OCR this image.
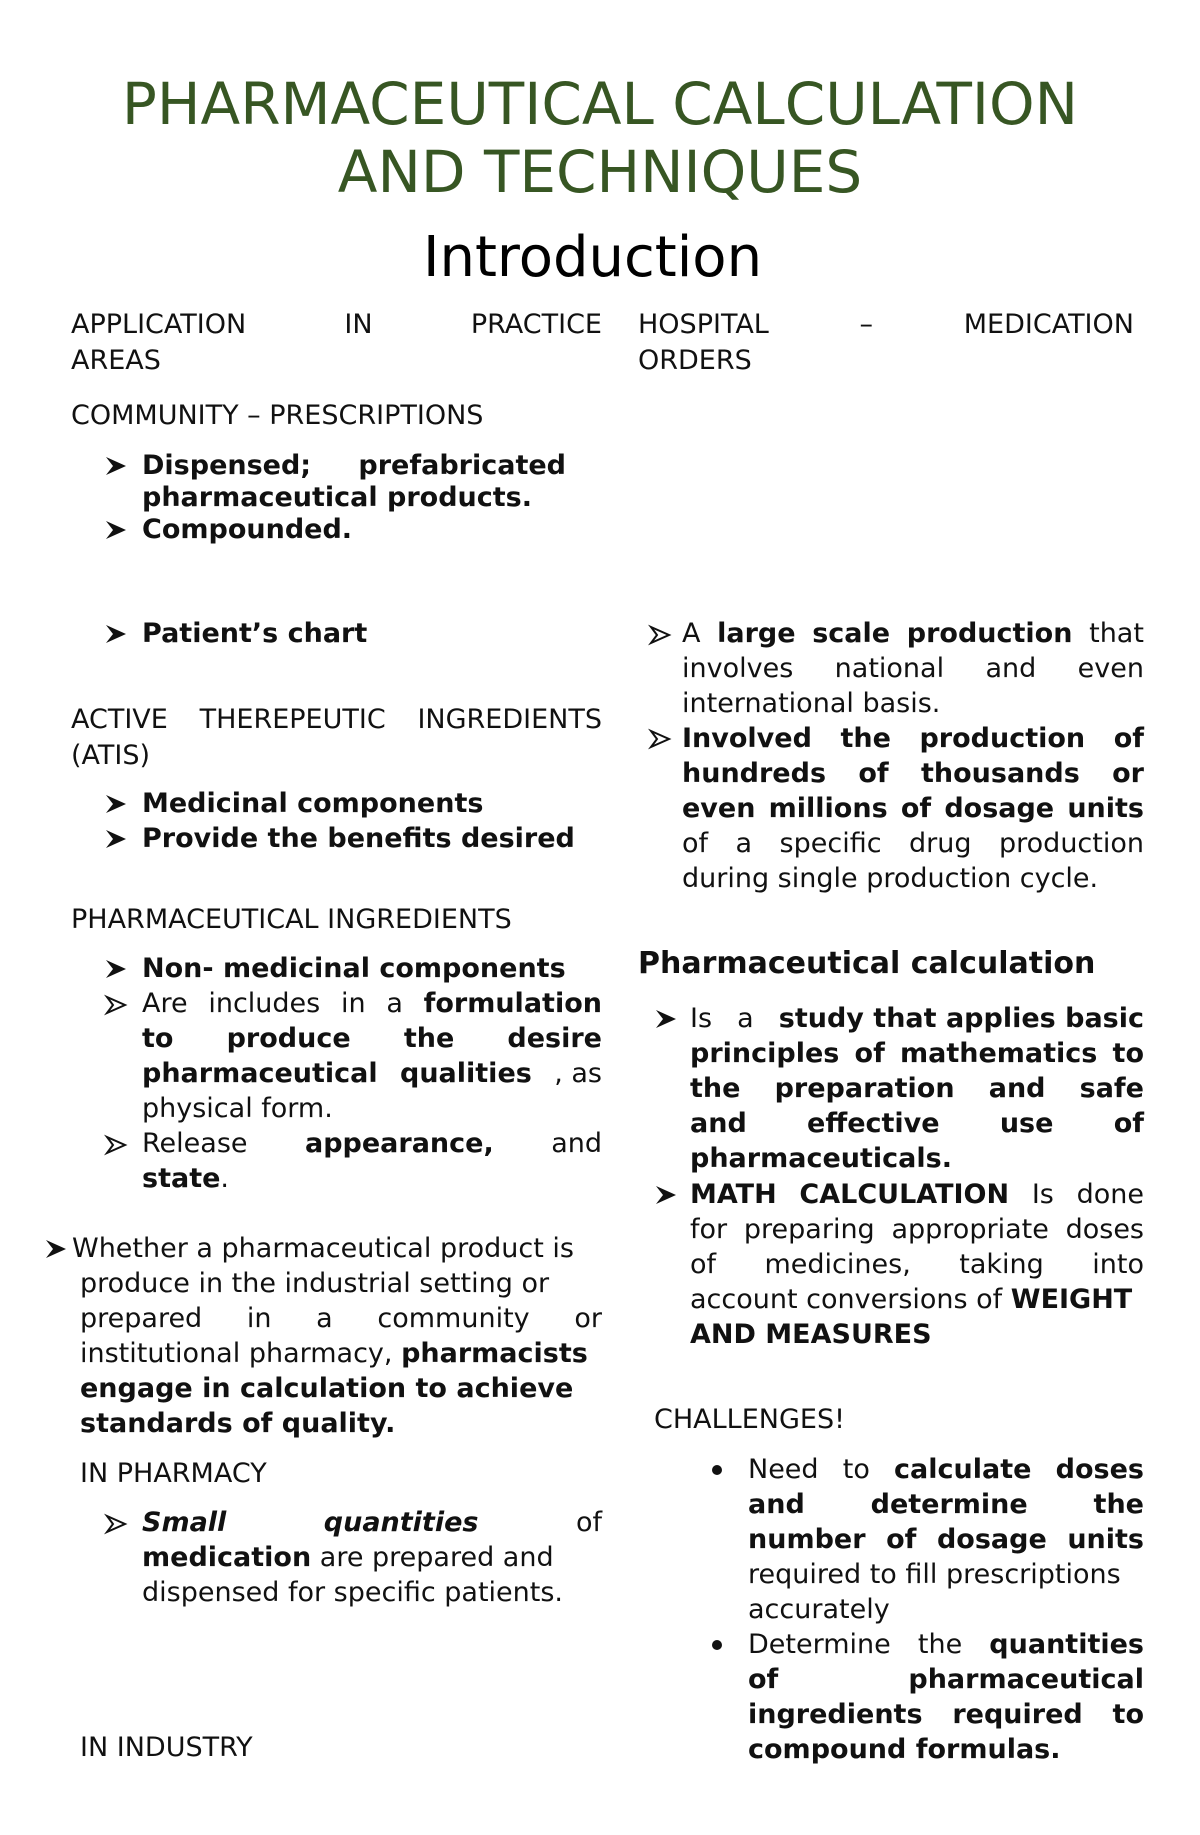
PHARMACEUTICAL CALCULATION
AND TECHNIQUES
Introduction
APPLICATION	IN	PRACTICE
AREAS
COMMUNITY – PRESCRIPTIONS
Dispensed; prefabricated
pharmaceutical products.
Compounded.
Patient’s chart
ACTIVE THEREPEUTIC INGREDIENTS
(ATIS)
Medicinal components
Provide the benefits desired
PHARMACEUTICAL INGREDIENTS
Non- medicinal components
Are includes in a formulation
to produce the desire
pharmaceutical qualities , as
physical form.
Release appearance, and
state.
Whether a pharmaceutical product is
produce in the industrial setting or
prepared in a community or
institutional pharmacy, pharmacists
engage in calculation to achieve
standards of quality.
IN PHARMACY
Small	quantities	of
medication are prepared and
dispensed for specific patients.
IN INDUSTRY
HOSPITAL	–	MEDICATION
ORDERS
A large scale production that
involves national and even
international basis.
Involved the production of
hundreds of thousands or
even millions of dosage units
of a specific drug production
during single production cycle.
Pharmaceutical calculation
Is a study that applies basic
principles of mathematics to
the preparation and safe
and effective use of
pharmaceuticals.
MATH CALCULATION Is done
for preparing appropriate doses
of medicines, taking into
account conversions of WEIGHT
AND MEASURES
CHALLENGES!
Need to calculate doses
and determine the
number of dosage units
required to fill prescriptions
accurately
Determine the quantities
of pharmaceutical
ingredients required to
compound formulas.
